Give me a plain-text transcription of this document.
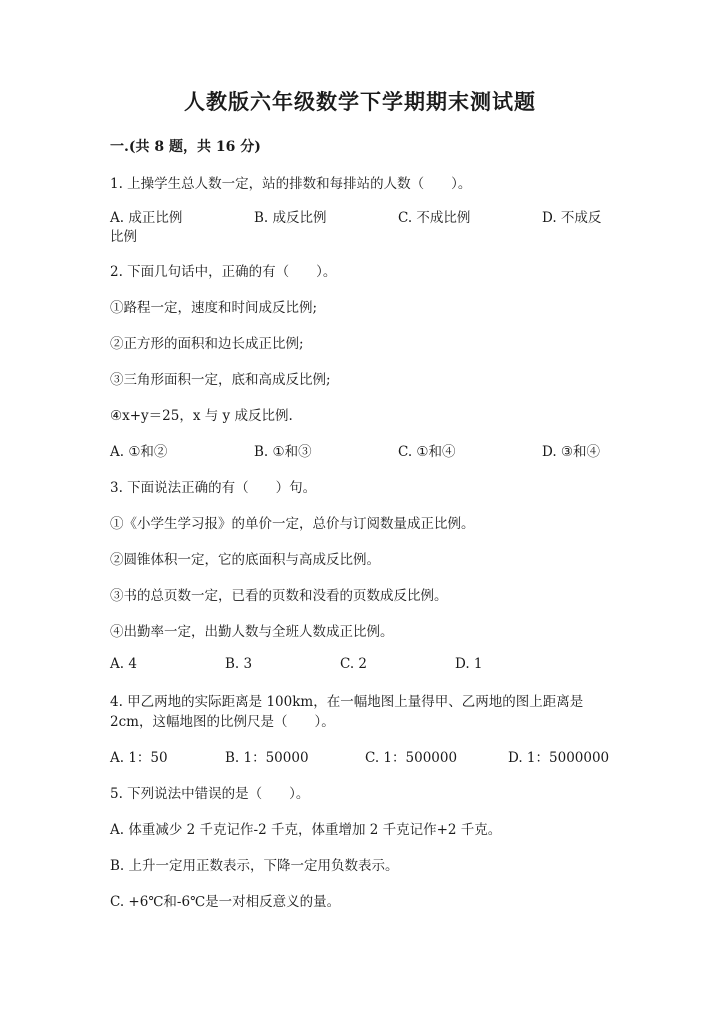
人教版六年级数学下学期期末测试题
一.(共 8 题，共 16 分)
1. 上操学生总人数一定，站的排数和每排站的人数（　　）。
A. 成正比例	B. 成反比例	C. 不成比例	D. 不成反
比例
2. 下面几句话中，正确的有（　　）。
①路程一定，速度和时间成反比例;
②正方形的面积和边长成正比例;
③三角形面积一定，底和高成反比例;
④x+y＝25，x 与 y 成反比例.
A. ①和②	B. ①和③	C. ①和④	D. ③和④
3. 下面说法正确的有（　　）句。
①《小学生学习报》的单价一定，总价与订阅数量成正比例。
②圆锥体积一定，它的底面积与高成反比例。
③书的总页数一定，已看的页数和没看的页数成反比例。
④出勤率一定，出勤人数与全班人数成正比例。
A. 4	B. 3	C. 2	D. 1
4. 甲乙两地的实际距离是 100km，在一幅地图上量得甲、乙两地的图上距离是
2cm，这幅地图的比例尺是（　　）。
A. 1：50	B. 1：50000	C. 1：500000	D. 1：5000000
5. 下列说法中错误的是（　　）。
A. 体重减少 2 千克记作-2 千克，体重增加 2 千克记作+2 千克。
B. 上升一定用正数表示，下降一定用负数表示。
C. +6℃和-6℃是一对相反意义的量。
